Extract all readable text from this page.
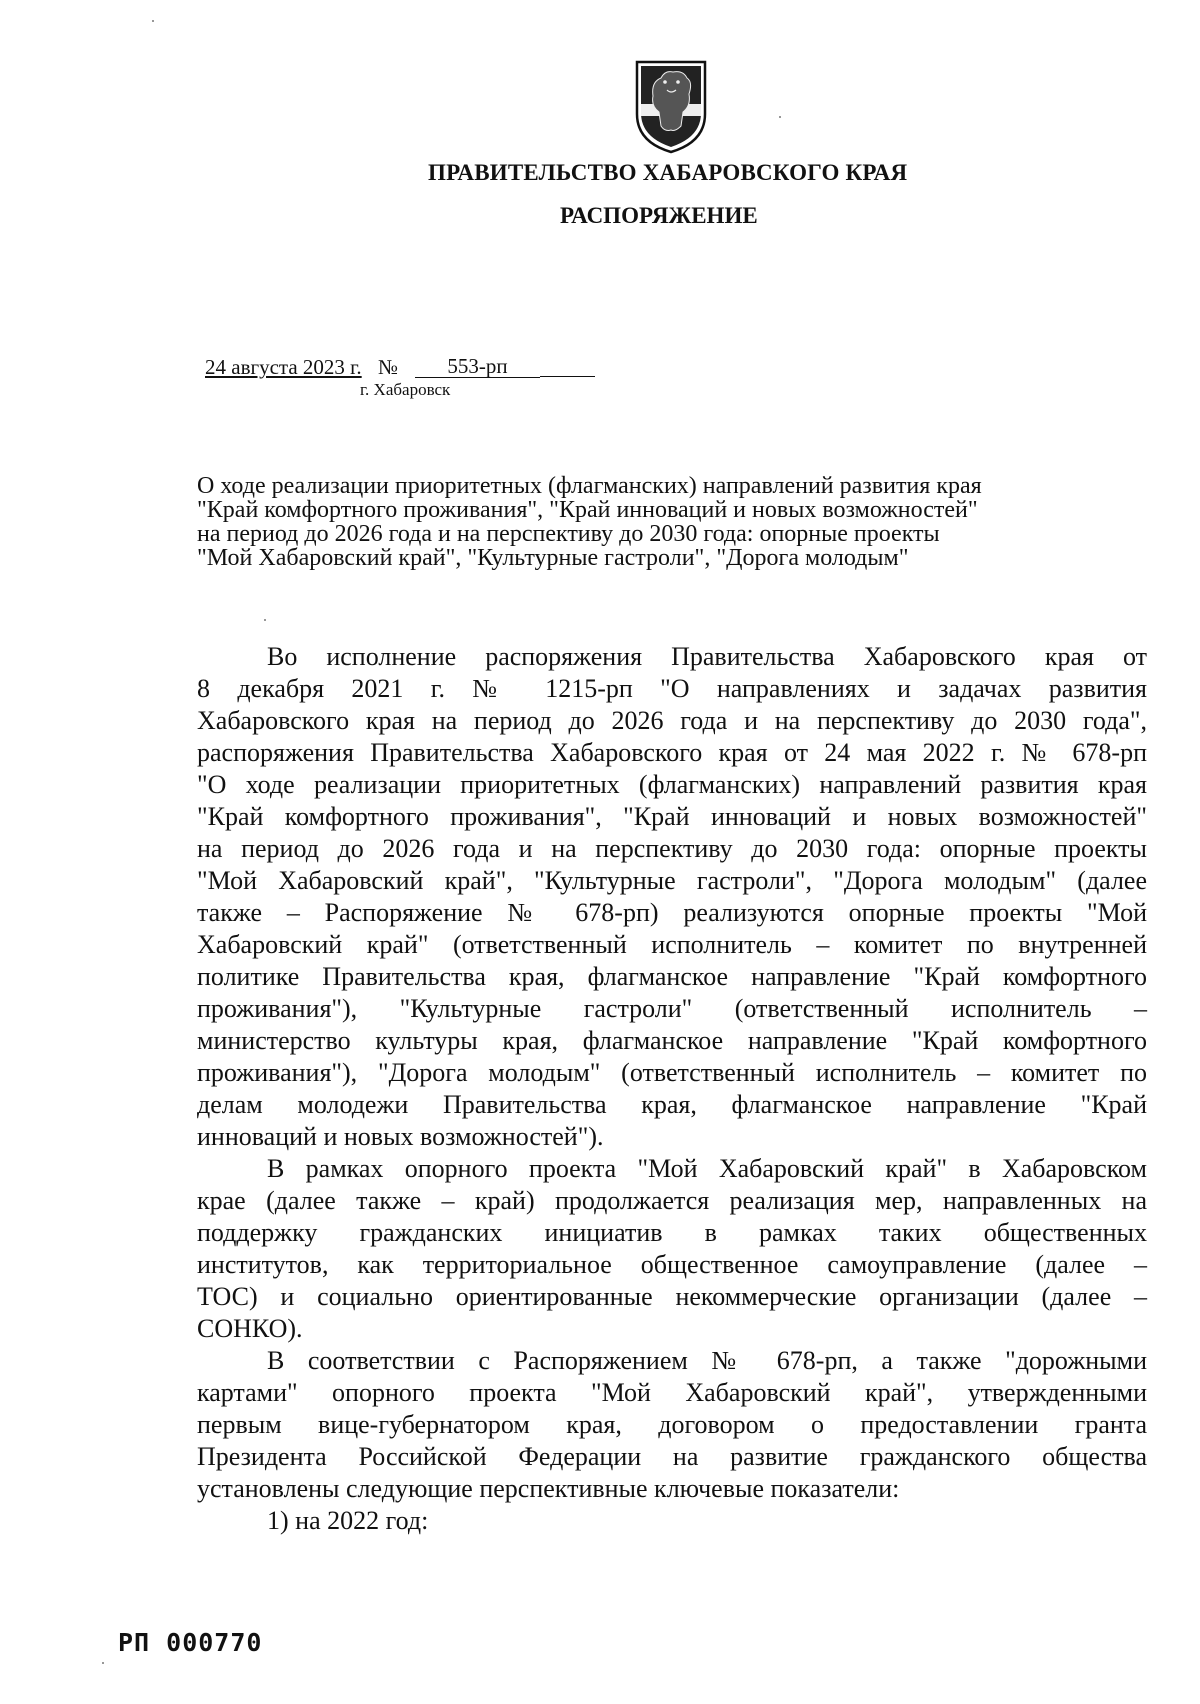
ПРАВИТЕЛЬСТВО ХАБАРОВСКОГО КРАЯ
РАСПОРЯЖЕНИЕ
24 августа 2023 г. №	553-рп
г. Хабаровск
О ходе реализации приоритетных (флагманских) направлений развития края
"Край комфортного проживания", "Край инноваций и новых возможностей"
на период до 2026 года и на перспективу до 2030 года: опорные проекты
"Мой Хабаровский край", "Культурные гастроли", "Дорога молодым"
Во исполнение распоряжения Правительства Хабаровского края от
8 декабря 2021 г. № 1215-рп "О направлениях и задачах развития
Хабаровского края на период до 2026 года и на перспективу до 2030 года",
распоряжения Правительства Хабаровского края от 24 мая 2022 г. № 678-рп
"О ходе реализации приоритетных (флагманских) направлений развития края
"Край комфортного проживания", "Край инноваций и новых возможностей"
на период до 2026 года и на перспективу до 2030 года: опорные проекты
"Мой Хабаровский край", "Культурные гастроли", "Дорога молодым" (далее
также – Распоряжение № 678-рп) реализуются опорные проекты "Мой
Хабаровский край" (ответственный исполнитель – комитет по внутренней
политике Правительства края, флагманское направление "Край комфортного
проживания"), "Культурные гастроли" (ответственный исполнитель –
министерство культуры края, флагманское направление "Край комфортного
проживания"), "Дорога молодым" (ответственный исполнитель – комитет по
делам молодежи Правительства края, флагманское направление "Край
инноваций и новых возможностей").
В рамках опорного проекта "Мой Хабаровский край" в Хабаровском
крае (далее также – край) продолжается реализация мер, направленных на
поддержку гражданских инициатив в рамках таких общественных
институтов, как территориальное общественное самоуправление (далее –
ТОС) и социально ориентированные некоммерческие организации (далее –
СОНКО).
В соответствии с Распоряжением № 678-рп, а также "дорожными
картами" опорного проекта "Мой Хабаровский край", утвержденными
первым вице-губернатором края, договором о предоставлении гранта
Президента Российской Федерации на развитие гражданского общества
установлены следующие перспективные ключевые показатели:
1) на 2022 год:
РП 000770
